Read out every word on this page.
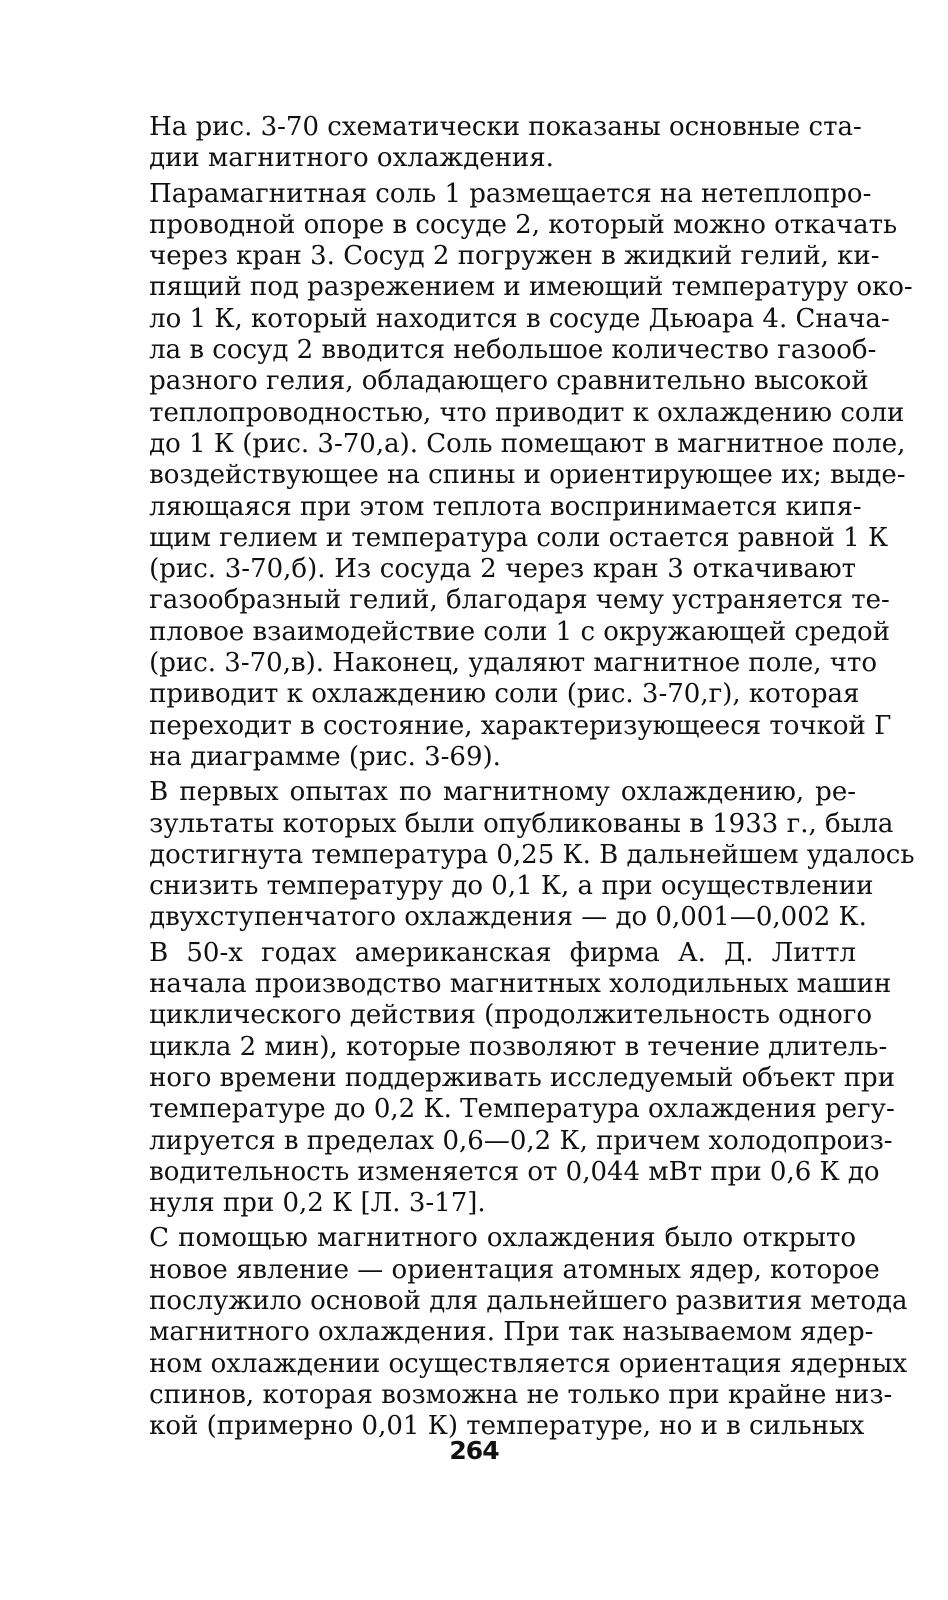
На рис. 3-70 схематически показаны основные ста-
дии магнитного охлаждения.

Парамагнитная соль 1 размещается на нетеплопро-
проводной опоре в сосуде 2, который можно откачать
через кран 3. Сосуд 2 погружен в жидкий гелий, ки-
пящий под разрежением и имеющий температуру око-
ло 1 К, который находится в сосуде Дьюара 4. Снача-
ла в сосуд 2 вводится небольшое количество газооб-
разного гелия, обладающего сравнительно высокой
теплопроводностью, что приводит к охлаждению соли
до 1 К (рис. 3-70,а). Соль помещают в магнитное поле,
воздействующее на спины и ориентирующее их; выде-
ляющаяся при этом теплота воспринимается кипя-
щим гелием и температура соли остается равной 1 К
(рис. 3-70,б). Из сосуда 2 через кран 3 откачивают
газообразный гелий, благодаря чему устраняется те-
пловое взаимодействие соли 1 с окружающей средой
(рис. 3-70,в). Наконец, удаляют магнитное поле, что
приводит к охлаждению соли (рис. 3-70,г), которая
переходит в состояние, характеризующееся точкой Г
на диаграмме (рис. 3-69).

В первых опытах по магнитному охлаждению, ре-
зультаты которых были опубликованы в 1933 г., была
достигнута температура 0,25 К. В дальнейшем удалось
снизить температуру до 0,1 К, а при осуществлении
двухступенчатого охлаждения — до 0,001—0,002 К.

В 50-х годах американская фирма А. Д. Литтл
начала производство магнитных холодильных машин
циклического действия (продолжительность одного
цикла 2 мин), которые позволяют в течение длитель-
ного времени поддерживать исследуемый объект при
температуре до 0,2 К. Температура охлаждения регу-
лируется в пределах 0,6—0,2 К, причем холодопроиз-
водительность изменяется от 0,044 мВт при 0,6 К до
нуля при 0,2 К [Л. 3-17].

С помощью магнитного охлаждения было открыто
новое явление — ориентация атомных ядер, которое
послужило основой для дальнейшего развития метода
магнитного охлаждения. При так называемом ядер-
ном охлаждении осуществляется ориентация ядерных
спинов, которая возможна не только при крайне низ-
кой (примерно 0,01 К) температуре, но и в сильных

264
